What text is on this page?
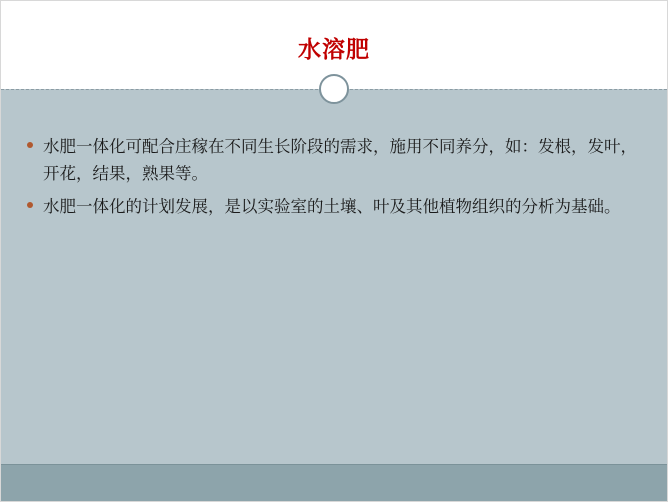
水溶肥
水肥一体化可配合庄稼在不同生长阶段的需求，施用不同养分，如：发根，发叶，开花，结果，熟果等。
水肥一体化的计划发展，是以实验室的土壤、叶及其他植物组织的分析为基础。
